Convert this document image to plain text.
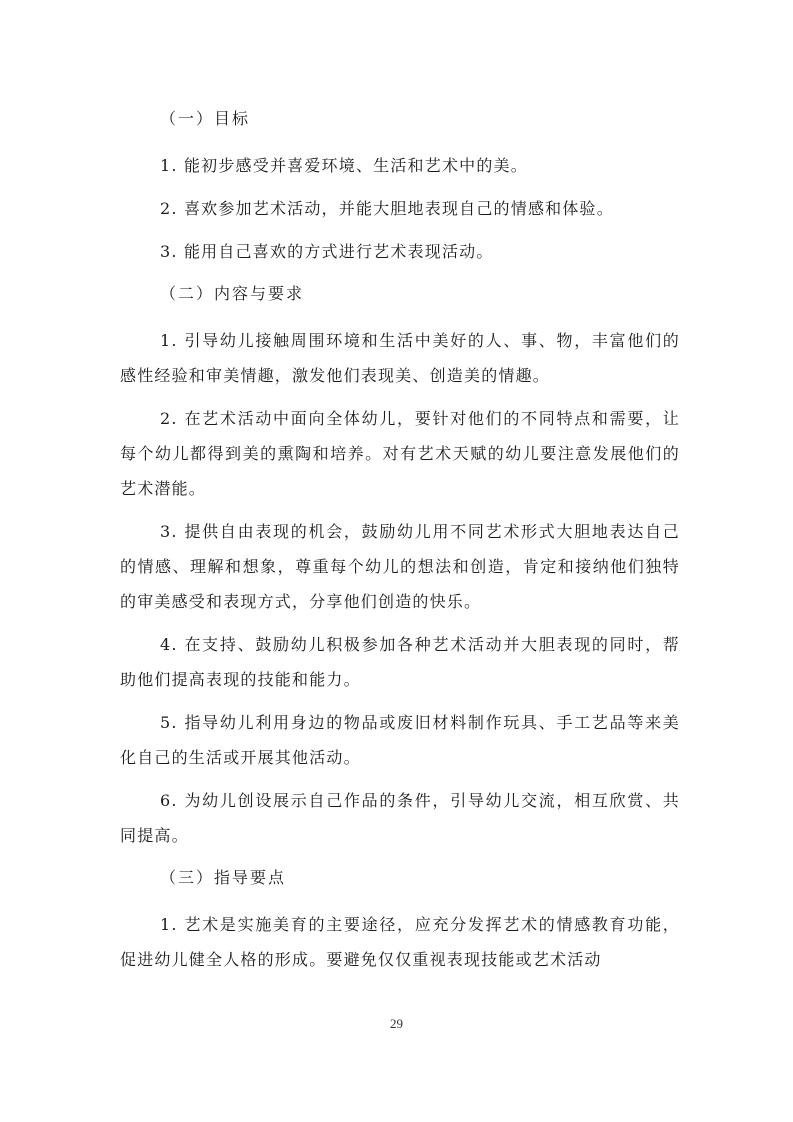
（一）目标

1. 能初步感受并喜爱环境、生活和艺术中的美。

2. 喜欢参加艺术活动，并能大胆地表现自己的情感和体验。

3. 能用自己喜欢的方式进行艺术表现活动。

（二）内容与要求

1. 引导幼儿接触周围环境和生活中美好的人、事、物，丰富他们的感性经验和审美情趣，激发他们表现美、创造美的情趣。

2. 在艺术活动中面向全体幼儿，要针对他们的不同特点和需要，让每个幼儿都得到美的熏陶和培养。对有艺术天赋的幼儿要注意发展他们的艺术潜能。

3. 提供自由表现的机会，鼓励幼儿用不同艺术形式大胆地表达自己的情感、理解和想象，尊重每个幼儿的想法和创造，肯定和接纳他们独特的审美感受和表现方式，分享他们创造的快乐。

4. 在支持、鼓励幼儿积极参加各种艺术活动并大胆表现的同时，帮助他们提高表现的技能和能力。

5. 指导幼儿利用身边的物品或废旧材料制作玩具、手工艺品等来美化自己的生活或开展其他活动。

6. 为幼儿创设展示自己作品的条件，引导幼儿交流，相互欣赏、共同提高。

（三）指导要点

1. 艺术是实施美育的主要途径，应充分发挥艺术的情感教育功能，促进幼儿健全人格的形成。要避免仅仅重视表现技能或艺术活动

29
